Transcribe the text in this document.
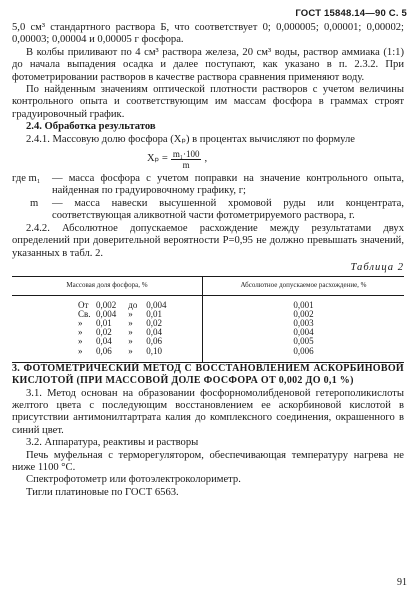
ГОСТ 15848.14—90 С. 5

5,0 см³ стандартного раствора Б, что соответствует 0; 0,000005; 0,00001; 0,00002; 0,00003; 0,00004 и 0,00005 г фосфора.

В колбы приливают по 4 см³ раствора железа, 20 см³ воды, раствор аммиака (1:1) до начала выпадения осадка и далее поступают, как указано в п. 2.3.2. При фотометрировании растворов в качестве раствора сравнения применяют воду.

По найденным значениям оптической плотности растворов с учетом величины контрольного опыта и соответствующим им массам фосфора в граммах строят градуировочный график.

2.4. Обработка результатов

2.4.1. Массовую долю фосфора (Xₚ) в процентах вычисляют по формуле

$X_p = \frac{\text{m₁·100}}{m}$ ,
где m₁	— масса фосфора с учетом поправки на значение контрольного опыта, найденная по градуировочному графику, г;
m	— масса навески высушенной хромовой руды или концентрата, соответствующая аликвотной части фотометрируемого раствора, г.

2.4.2. Абсолютное допускаемое расхождение между результатами двух определений при доверительной вероятности P=0,95 не должно превышать значений, указанных в табл. 2.

Таблица 2
Массовая доля фосфора, %	Абсолютное допускаемое расхождение, %
От 0,002 до 0,004	0,001
Св. 0,004 » 0,01	0,002
» 0,01 » 0,02	0,003
» 0,02 » 0,04	0,004
» 0,04 » 0,06	0,005
» 0,06 » 0,10	0,006

3. ФОТОМЕТРИЧЕСКИЙ МЕТОД С ВОССТАНОВЛЕНИЕМ АСКОРБИНОВОЙ КИСЛОТОЙ (ПРИ МАССОВОЙ ДОЛЕ ФОСФОРА ОТ 0,002 ДО 0,1 %)

3.1. Метод основан на образовании фосфорномолибденовой гетерополикислоты желтого цвета с последующим восстановлением ее аскорбиновой кислотой в присутствии антимонилтартрата калия до комплексного соединения, окрашенного в синий цвет.

3.2. Аппаратура, реактивы и растворы

Печь муфельная с терморегулятором, обеспечивающая температуру нагрева не ниже 1100 °С.

Спектрофотометр или фотоэлектроколориметр.

Тигли платиновые по ГОСТ 6563.

91
